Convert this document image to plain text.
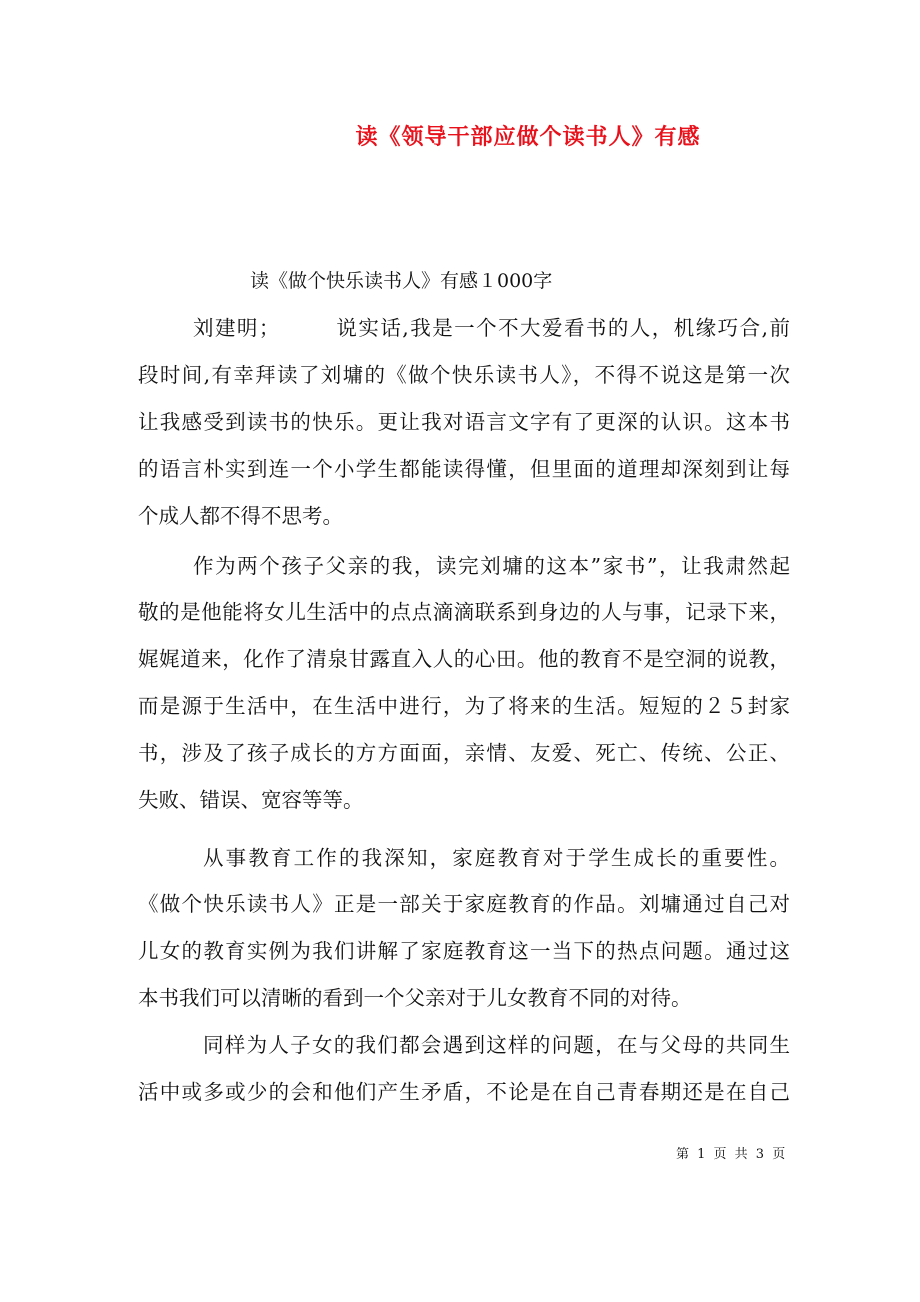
读《领导干部应做个读书人》有感
读《做个快乐读书人》有感１000字
刘建明；　　　说实话,我是一个不大爱看书的人，机缘巧合,前
段时间,有幸拜读了刘墉的《做个快乐读书人》，不得不说这是第一次
让我感受到读书的快乐。更让我对语言文字有了更深的认识。这本书
的语言朴实到连一个小学生都能读得懂，但里面的道理却深刻到让每
个成人都不得不思考。
作为两个孩子父亲的我，读完刘墉的这本”家书”，让我肃然起
敬的是他能将女儿生活中的点点滴滴联系到身边的人与事，记录下来，
娓娓道来，化作了清泉甘露直入人的心田。他的教育不是空洞的说教，
而是源于生活中，在生活中进行，为了将来的生活。短短的２５封家
书，涉及了孩子成长的方方面面，亲情、友爱、死亡、传统、公正、
失败、错误、宽容等等。
从事教育工作的我深知，家庭教育对于学生成长的重要性。
《做个快乐读书人》正是一部关于家庭教育的作品。刘墉通过自己对
儿女的教育实例为我们讲解了家庭教育这一当下的热点问题。通过这
本书我们可以清晰的看到一个父亲对于儿女教育不同的对待。
同样为人子女的我们都会遇到这样的问题，在与父母的共同生
活中或多或少的会和他们产生矛盾，不论是在自己青春期还是在自己
第 1 页 共 3 页
